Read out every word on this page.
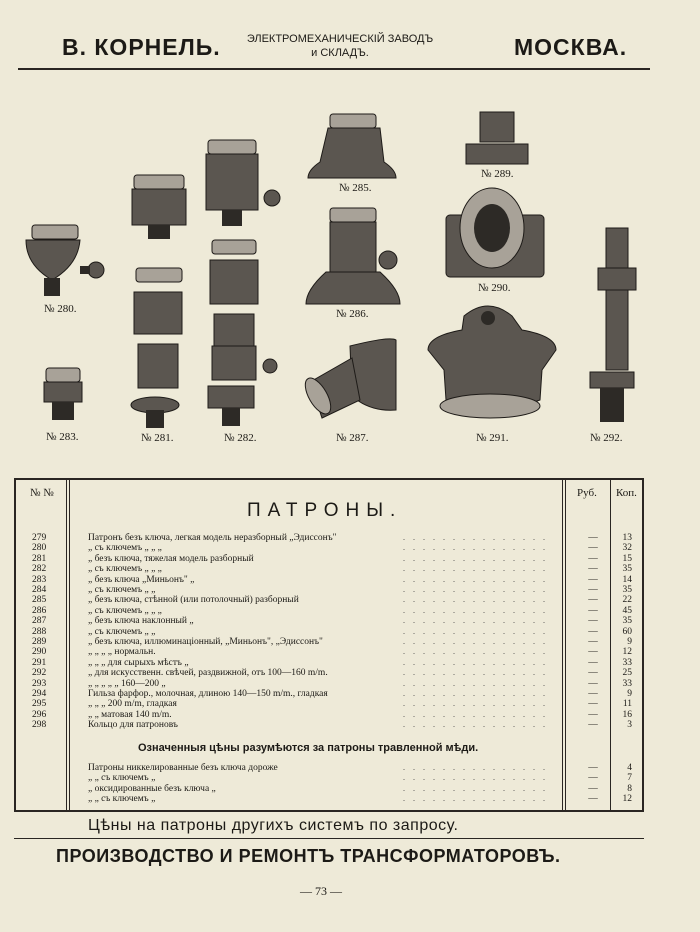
В. КОРНЕЛЬ.	ЭЛЕКТРОМЕХАНИЧЕСКIЙ ЗАВОДЪ
и СКЛАДЪ.	МОСКВА.
№ 280.
№ 283.	№ 281.	№ 282.
№ 285.
№ 286.
№ 287.
№ 289.
№ 290.
№ 291.	№ 292.
№ №	Руб. Коп.
ПАТРОНЫ.
279	Патронъ безъ ключа, легкая модель неразборный „Эдиссонъ"	. . . . . . . . . . . . . . .	—	13
280	„ съ ключемъ „ „ „	. . . . . . . . . . . . . . .	—	32
281	„ безъ ключа, тяжелая модель разборный	. . . . . . . . . . . . . . .	—	15
282	„ съ ключемъ „ „ „	. . . . . . . . . . . . . . .	—	35
283	„ безъ ключа „Миньонъ" „	. . . . . . . . . . . . . . .	—	14
284	„ съ ключемъ „ „	. . . . . . . . . . . . . . .	—	35
285	„ безъ ключа, стѣнной (или потолочный) разборный	. . . . . . . . . . . . . . .	—	22
286	„ съ ключемъ „ „ „	. . . . . . . . . . . . . . .	—	45
287	„ безъ ключа наклонный „	. . . . . . . . . . . . . . .	—	35
288	„ съ ключемъ „ „	. . . . . . . . . . . . . . .	—	60
289	„ безъ ключа, иллюминацiонный, „Миньонъ", „Эдиссонъ"	. . . . . . . . . . . . . . .	—	9
290	„ „ „ „ нормальн.	. . . . . . . . . . . . . . .	—	12
291	„ „ „ для сырыхъ мѣстъ „	. . . . . . . . . . . . . . .	—	33
292	„ для искусственн. свѣчей, раздвижной, отъ 100—160 m/m.	. . . . . . . . . . . . . . .	—	25
293	„ „ „ „ „ 160—200 „	. . . . . . . . . . . . . . .	—	33
294	Гильза фарфор., молочная, длиною 140—150 m/m., гладкая	. . . . . . . . . . . . . . .	—	9
295	„ „ „ 200 m/m, гладкая	. . . . . . . . . . . . . . .	—	11
296	„ „ матовая 140 m/m.	. . . . . . . . . . . . . . .	—	16
298	Кольцо для патроновъ	. . . . . . . . . . . . . . .	—	3
Означенныя цѣны разумѣются за патроны травленной мѣди.
Патроны никкелированные безъ ключа дороже	. . . . . . . . . . . . . . .	—	4
„ „ съ ключемъ „	. . . . . . . . . . . . . . .	—	7
„ оксидированные безъ ключа „	. . . . . . . . . . . . . . .	—	8
„ „ съ ключемъ „	. . . . . . . . . . . . . . .	—	12
Цѣны на патроны другихъ системъ по запросу.
ПРОИЗВОДСТВО И РЕМОНТЪ ТРАНСФОРМАТОРОВЪ.
— 73 —
